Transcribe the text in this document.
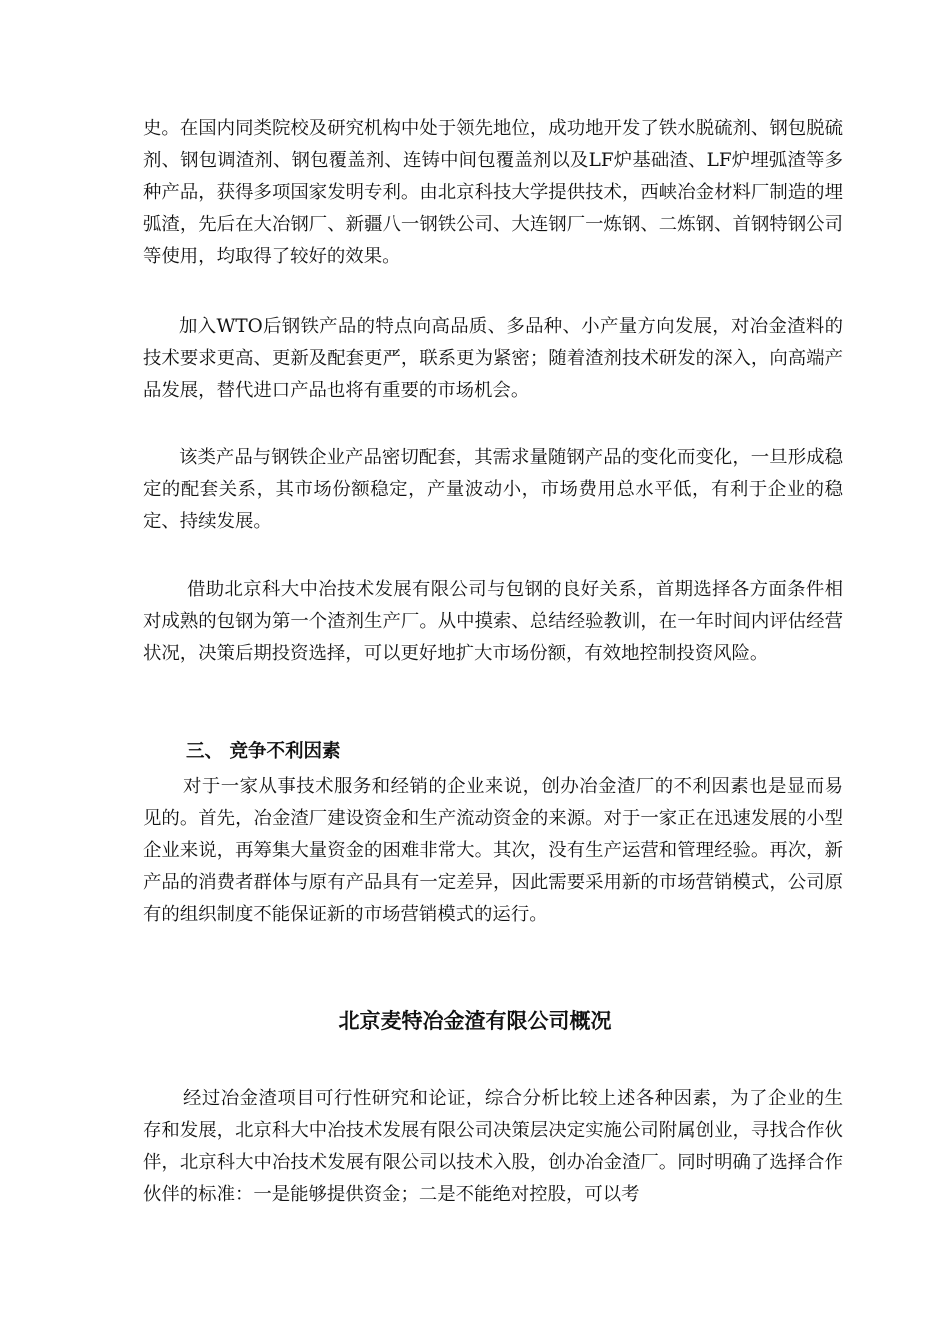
史。在国内同类院校及研究机构中处于领先地位，成功地开发了铁水脱硫剂、钢包脱硫剂、钢包调渣剂、钢包覆盖剂、连铸中间包覆盖剂以及LF炉基础渣、LF炉埋弧渣等多种产品，获得多项国家发明专利。由北京科技大学提供技术，西峡冶金材料厂制造的埋弧渣，先后在大冶钢厂、新疆八一钢铁公司、大连钢厂一炼钢、二炼钢、首钢特钢公司等使用，均取得了较好的效果。

加入WTO后钢铁产品的特点向高品质、多品种、小产量方向发展，对冶金渣料的技术要求更高、更新及配套更严，联系更为紧密；随着渣剂技术研发的深入，向高端产品发展，替代进口产品也将有重要的市场机会。

该类产品与钢铁企业产品密切配套，其需求量随钢产品的变化而变化，一旦形成稳定的配套关系，其市场份额稳定，产量波动小，市场费用总水平低，有利于企业的稳定、持续发展。

借助北京科大中冶技术发展有限公司与包钢的良好关系，首期选择各方面条件相对成熟的包钢为第一个渣剂生产厂。从中摸索、总结经验教训，在一年时间内评估经营状况，决策后期投资选择，可以更好地扩大市场份额，有效地控制投资风险。

三、 竞争不利因素

对于一家从事技术服务和经销的企业来说，创办冶金渣厂的不利因素也是显而易见的。首先，冶金渣厂建设资金和生产流动资金的来源。对于一家正在迅速发展的小型企业来说，再筹集大量资金的困难非常大。其次，没有生产运营和管理经验。再次，新产品的消费者群体与原有产品具有一定差异，因此需要采用新的市场营销模式，公司原有的组织制度不能保证新的市场营销模式的运行。

北京麦特冶金渣有限公司概况

经过冶金渣项目可行性研究和论证，综合分析比较上述各种因素，为了企业的生存和发展，北京科大中冶技术发展有限公司决策层决定实施公司附属创业，寻找合作伙伴，北京科大中冶技术发展有限公司以技术入股，创办冶金渣厂。同时明确了选择合作伙伴的标准：一是能够提供资金；二是不能绝对控股，可以考
